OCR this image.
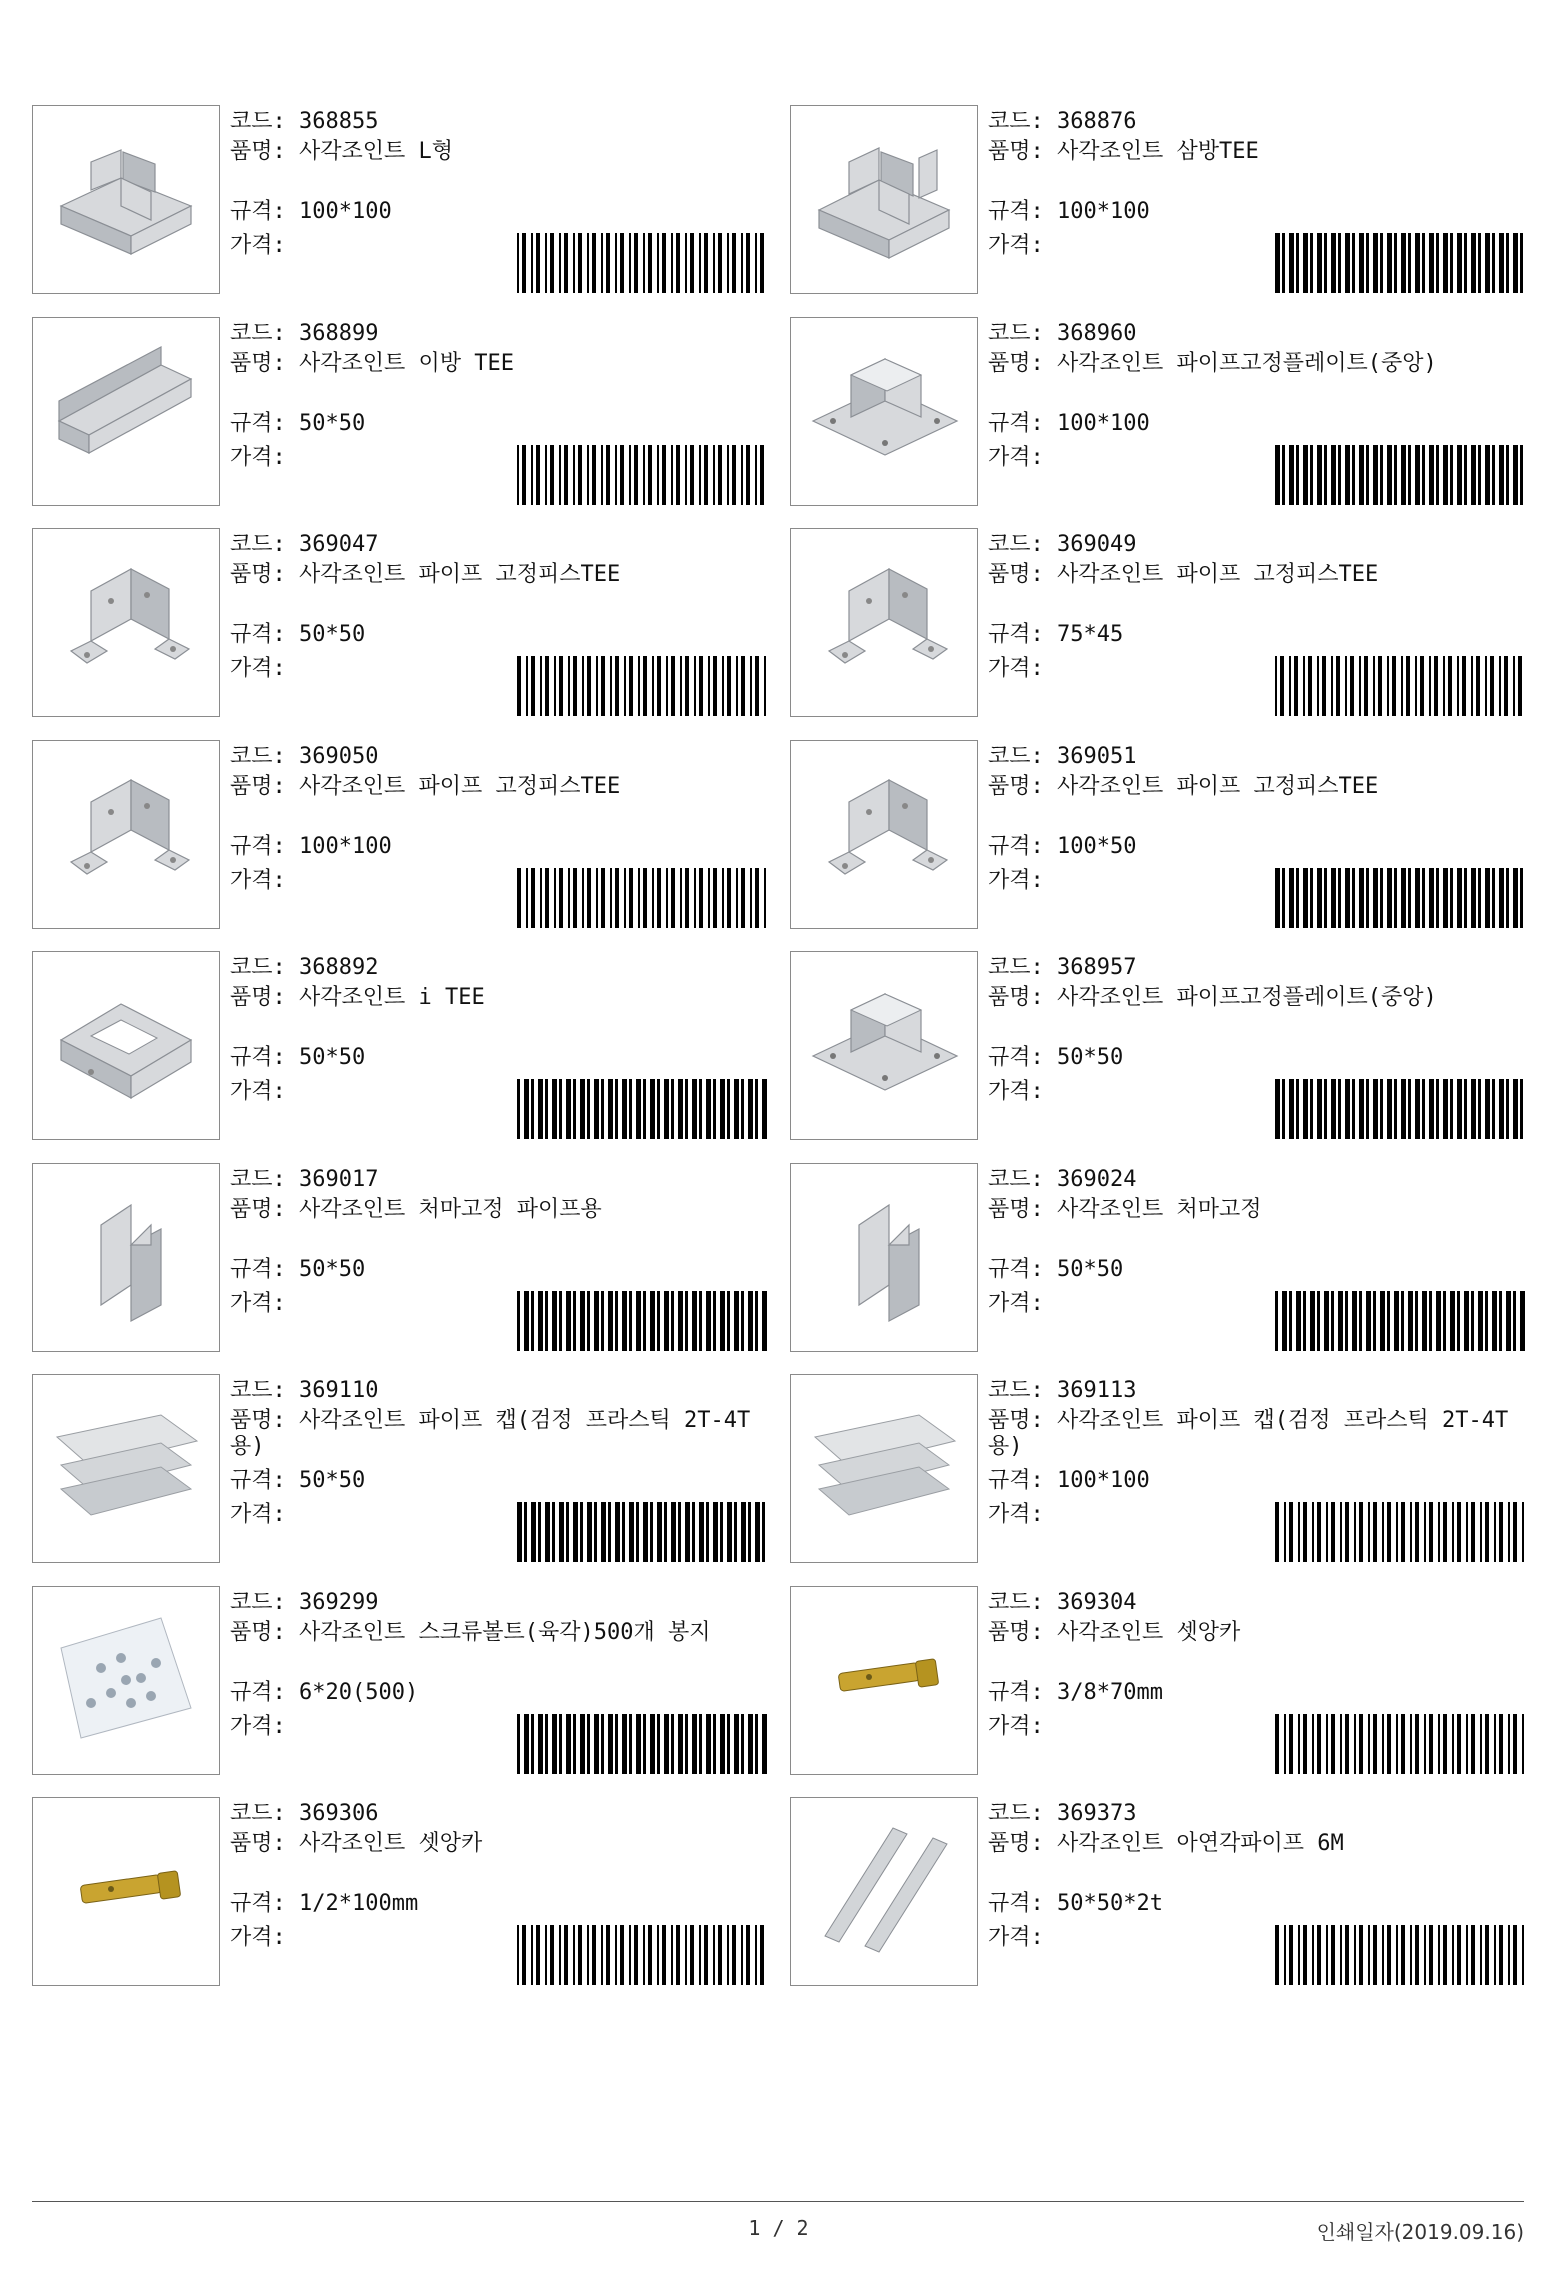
코드: 368855
품명: 사각조인트 L형
규격: 100*100
가격:
코드: 368876
품명: 사각조인트 삼방TEE
규격: 100*100
가격:
코드: 368899
품명: 사각조인트 이방 TEE
규격: 50*50
가격:
코드: 368960
품명: 사각조인트 파이프고정플레이트(중앙)
규격: 100*100
가격:
코드: 369047
품명: 사각조인트 파이프 고정피스TEE
규격: 50*50
가격:
코드: 369049
품명: 사각조인트 파이프 고정피스TEE
규격: 75*45
가격:
코드: 369050
품명: 사각조인트 파이프 고정피스TEE
규격: 100*100
가격:
코드: 369051
품명: 사각조인트 파이프 고정피스TEE
규격: 100*50
가격:
코드: 368892
품명: 사각조인트 i TEE
규격: 50*50
가격:
코드: 368957
품명: 사각조인트 파이프고정플레이트(중앙)
규격: 50*50
가격:
코드: 369017
품명: 사각조인트 처마고정 파이프용
규격: 50*50
가격:
코드: 369024
품명: 사각조인트 처마고정
규격: 50*50
가격:
코드: 369110
품명: 사각조인트 파이프 캡(검정 프라스틱 2T-4T용)
규격: 50*50
가격:
코드: 369113
품명: 사각조인트 파이프 캡(검정 프라스틱 2T-4T용)
규격: 100*100
가격:
코드: 369299
품명: 사각조인트 스크류볼트(육각)500개 봉지
규격: 6*20(500)
가격:
코드: 369304
품명: 사각조인트 셋앙카
규격: 3/8*70mm
가격:
코드: 369306
품명: 사각조인트 셋앙카
규격: 1/2*100mm
가격:
코드: 369373
품명: 사각조인트 아연각파이프 6M
규격: 50*50*2t
가격:
1 / 2	인쇄일자(2019.09.16)
